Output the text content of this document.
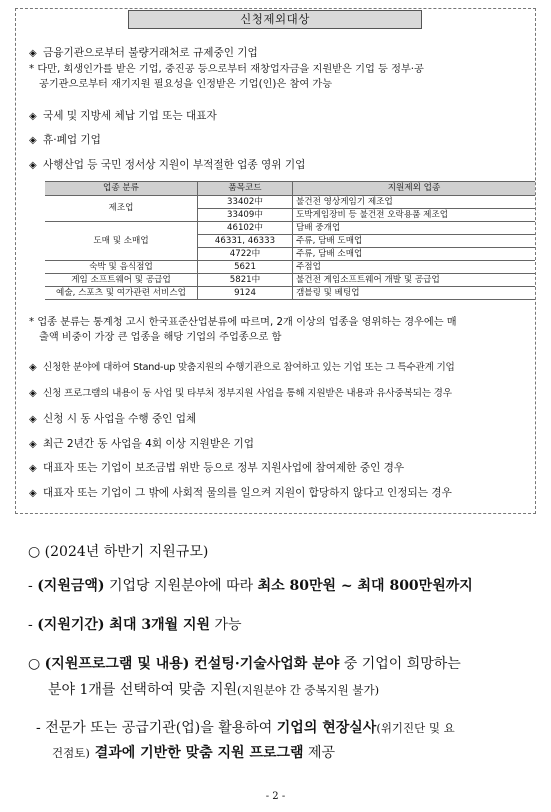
신청제외대상
◈ 금융기관으로부터 불량거래처로 규제중인 기업
* 다만, 회생인가를 받은 기업, 중진공 등으로부터 재창업자금을 지원받은 기업 등 정부·공
공기관으로부터 재기지원 필요성을 인정받은 기업(인)은 참여 가능
◈ 국세 및 지방세 체납 기업 또는 대표자
◈ 휴·폐업 기업
◈ 사행산업 등 국민 정서상 지원이 부적절한 업종 영위 기업
업종 분류	품목코드	지원제외 업종
제조업	33402中	불건전 영상게임기 제조업
	33409中	도박게임장비 등 불건전 오락용품 제조업
도매 및 소매업	46102中	담배 중개업
	46331, 46333	주류, 담배 도매업
	4722中	주류, 담배 소매업
숙박 및 음식점업	5621	주점업
게임 소프트웨어 및 공급업	5821中	불건전 게임소프트웨어 개발 및 공급업
예술, 스포츠 및 여가관련 서비스업	9124	갬블링 및 베팅업
* 업종 분류는 통계청 고시 한국표준산업분류에 따르며, 2개 이상의 업종을 영위하는 경우에는 매
출액 비중이 가장 큰 업종을 해당 기업의 주업종으로 함
◈ 신청한 분야에 대하여 Stand-up 맞춤지원의 수행기관으로 참여하고 있는 기업 또는 그 특수관계 기업
◈ 신청 프로그램의 내용이 동 사업 및 타부처 정부지원 사업을 통해 지원받은 내용과 유사중복되는 경우
◈ 신청 시 동 사업을 수행 중인 업체
◈ 최근 2년간 동 사업을 4회 이상 지원받은 기업
◈ 대표자 또는 기업이 보조금법 위반 등으로 정부 지원사업에 참여제한 중인 경우
◈ 대표자 또는 기업이 그 밖에 사회적 물의를 일으켜 지원이 합당하지 않다고 인정되는 경우
○ (2024년 하반기 지원규모)
- (지원금액) 기업당 지원분야에 따라 최소 80만원 ~ 최대 800만원까지
- (지원기간) 최대 3개월 지원 가능
○ (지원프로그램 및 내용) 컨설팅·기술사업화 분야 중 기업이 희망하는
분야 1개를 선택하여 맞춤 지원(지원분야 간 중복지원 불가)
- 전문가 또는 공급기관(업)을 활용하여 기업의 현장실사(위기진단 및 요
건점토) 결과에 기반한 맞춤 지원 프로그램 제공
- 2 -
